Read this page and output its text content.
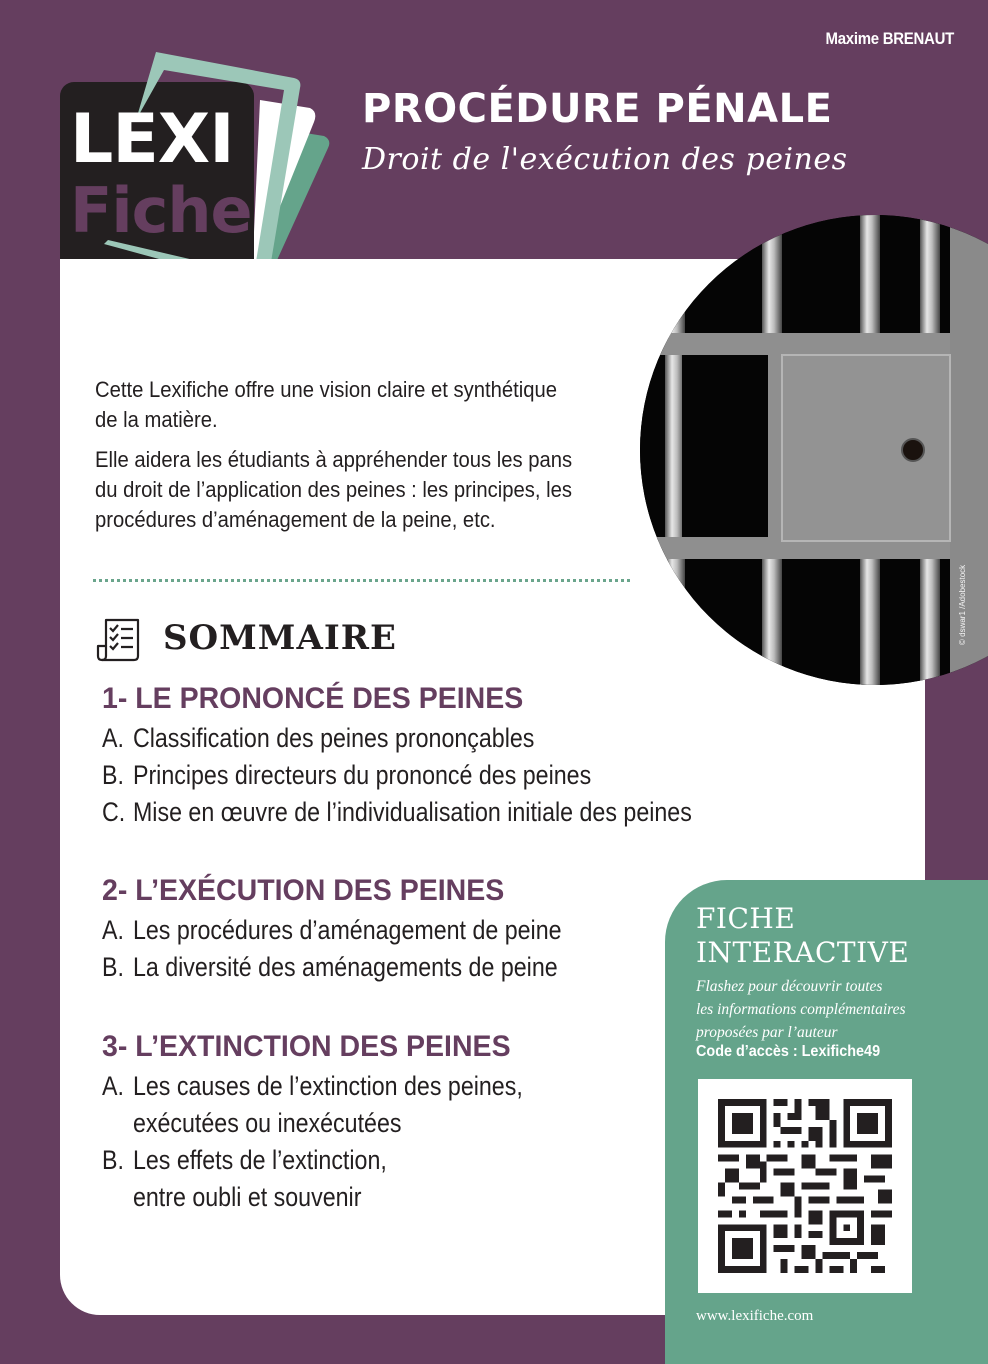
Maxime BRENAUT
LEXI
Fiche
PROCÉDURE PÉNALE
Droit de l'exécution des peines
© dswar1 /Adobestock

Cette Lexifiche offre une vision claire et synthétique de la matière.

Elle aidera les étudiants à appréhender tous les pans du droit de l’application des peines : les principes, les procédures d’aménagement de la peine, etc.

SOMMAIRE
1- LE PRONONCÉ DES PEINES
A. Classification des peines prononçables
B. Principes directeurs du prononcé des peines
C. Mise en œuvre de l’individualisation initiale des peines
2- L’EXÉCUTION DES PEINES
A. Les procédures d’aménagement de peine
B. La diversité des aménagements de peine
3- L’EXTINCTION DES PEINES
A. Les causes de l’extinction des peines,
exécutées ou inexécutées
B. Les effets de l’extinction,
entre oubli et souvenir
FICHE
INTERACTIVE
Flashez pour découvrir toutes
les informations complémentaires
proposées par l’auteur
Code d’accès : Lexifiche49
www.lexifiche.com
